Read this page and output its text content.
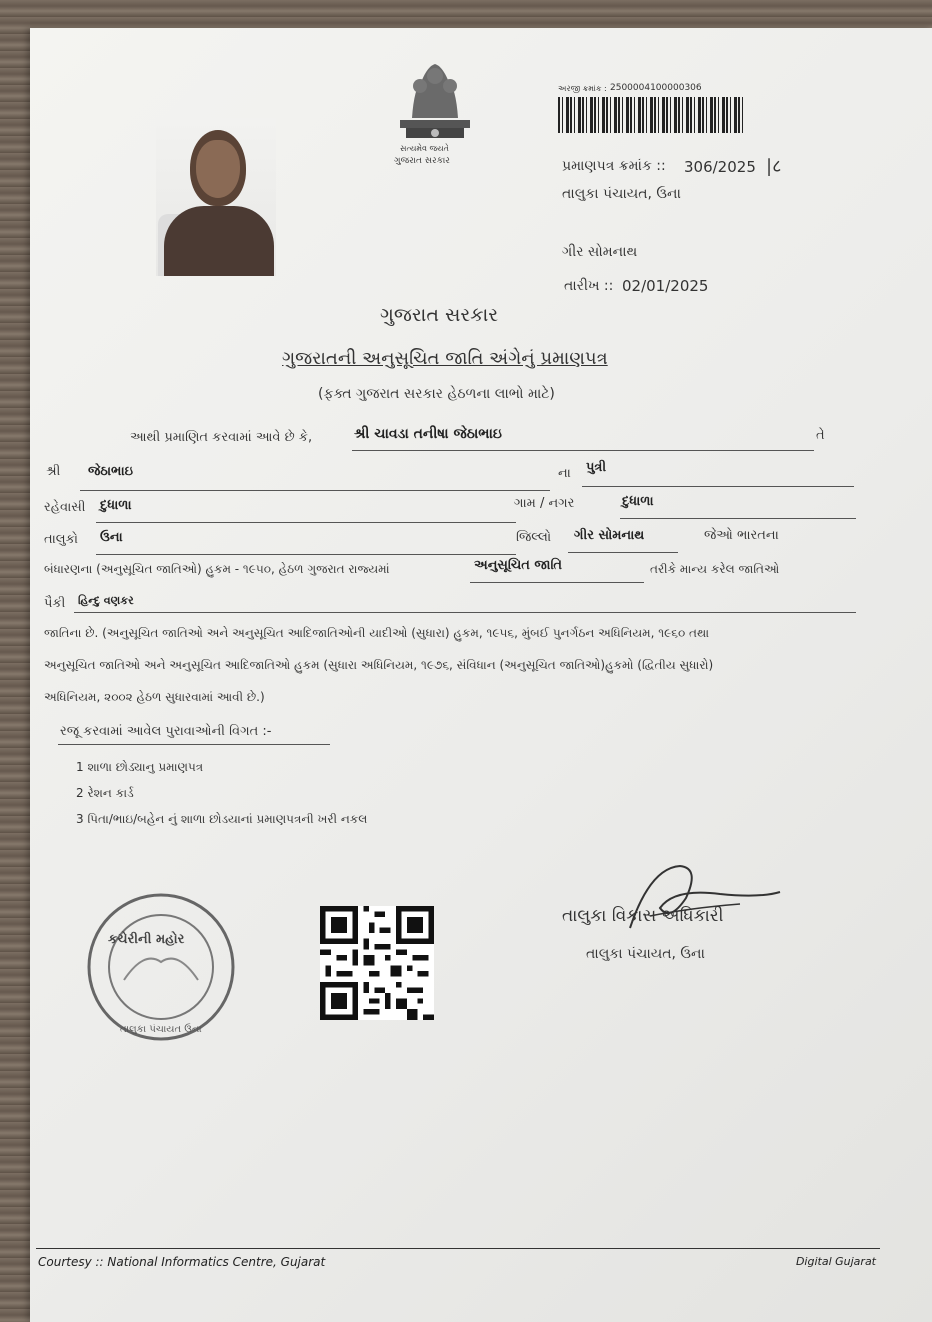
સત્યમેવ જયતે
ગુજરાત સરકાર
અરજી ક્રમાંક : 2500004100000306
પ્રમાણપત્ર ક્રમાંક :: 306/2025 |८
તાલુકા પંચાયત, ઉના
ગીર સોમનાથ
તારીખ :: 02/01/2025
ગુજરાત સરકાર
ગુજરાતની અનુસૂચિત જાતિ અંગેનું પ્રમાણપત્ર
(ફક્ત ગુજરાત સરકાર હેઠળના લાભો માટે)
આથી પ્રમાણિત કરવામાં આવે છે કે,	શ્રી ચાવડા તનીષા જેઠાભાઇ	તે
શ્રી જેઠાભાઇ	ના પુત્રી
રહેવાસી દુધાળા	ગામ / નગર	દુધાળા
તાલુકો ઉના	જિલ્લો ગીર સોમનાથ	જેઓ ભારતના
બંધારણના (અનુસૂચિત જાતિઓ) હુકમ - ૧૯૫૦, હેઠળ ગુજરાત રાજ્યમાં	અનુસૂચિત જાતિ	તરીકે માન્ય કરેલ જાતિઓ
પૈકી હિન્દુ વણકર
જાતિના છે. (અનુસૂચિત જાતિઓ અને અનુસૂચિત આદિજાતિઓની યાદીઓ (સુધારા) હુકમ, ૧૯૫૬, મુંબઈ પુનર્ગઠન અધિનિયમ, ૧૯૬૦ તથા
અનુસૂચિત જાતિઓ અને અનુસૂચિત આદિજાતિઓ હુકમ (સુધારા અધિનિયમ, ૧૯૭૬, સંવિધાન (અનુસૂચિત જાતિઓ)હુકમો (દ્વિતીય સુધારો)
અધિનિયમ, ૨૦૦૨ હેઠળ સુધારવામાં આવી છે.)
રજૂ કરવામાં આવેલ પુરાવાઓની વિગત :-
1 શાળા છોડ્યાનુ પ્રમાણપત્ર
2 રેશન કાર્ડ
3 પિતા/ભાઇ/બહેન નું શાળા છોડયાનાં પ્રમાણપત્રની ખરી નકલ
કચેરીની મહોર
તાલુકા પંચાયત ઉના
તાલુકા વિકાસ અધિકારી
તાલુકા પંચાયત, ઉના
Courtesy :: National Informatics Centre, Gujarat	Digital Gujarat
